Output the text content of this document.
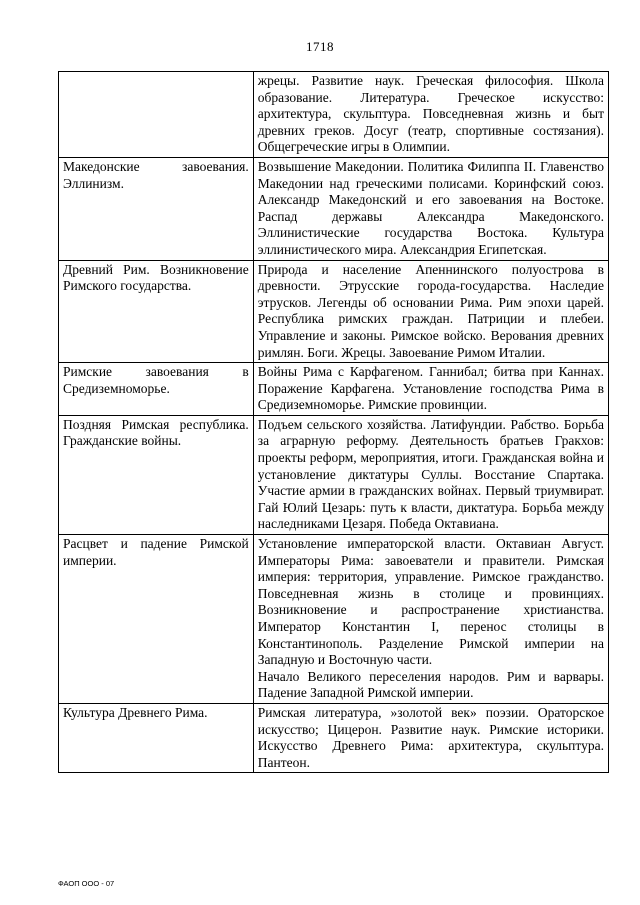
1718

	жрецы. Развитие наук. Греческая философия. Школа образование. Литература. Греческое искусство: архитектура, скульптура. Повседневная жизнь и быт древних греков. Досуг (театр, спортивные состязания). Общегреческие игры в Олимпии.

Македонские завоевания. Эллинизм.	Возвышение Македонии. Политика Филиппа II. Главенство Македонии над греческими полисами. Коринфский союз. Александр Македонский и его завоевания на Востоке. Распад державы Александра Македонского. Эллинистические государства Востока. Культура эллинистического мира. Александрия Египетская.

Древний Рим. Возникновение Римского государства.	Природа и население Апеннинского полуострова в древности. Этрусские города-государства. Наследие этрусков. Легенды об основании Рима. Рим эпохи царей. Республика римских граждан. Патриции и плебеи. Управление и законы. Римское войско. Верования древних римлян. Боги. Жрецы. Завоевание Римом Италии.

Римские завоевания в Средиземноморье.	Войны Рима с Карфагеном. Ганнибал; битва при Каннах. Поражение Карфагена. Установление господства Рима в Средиземноморье. Римские провинции.

Поздняя Римская республика. Гражданские войны.	Подъем сельского хозяйства. Латифундии. Рабство. Борьба за аграрную реформу. Деятельность братьев Гракхов: проекты реформ, мероприятия, итоги. Гражданская война и установление диктатуры Суллы. Восстание Спартака. Участие армии в гражданских войнах. Первый триумвират. Гай Юлий Цезарь: путь к власти, диктатура. Борьба между наследниками Цезаря. Победа Октавиана.

Расцвет и падение Римской империи.	Установление императорской власти. Октавиан Август. Императоры Рима: завоеватели и правители. Римская империя: территория, управление. Римское гражданство. Повседневная жизнь в столице и провинциях. Возникновение и распространение христианства. Император Константин I, перенос столицы в Константинополь. Разделение Римской империи на Западную и Восточную части.
Начало Великого переселения народов. Рим и варвары. Падение Западной Римской империи.

Культура Древнего Рима.	Римская литература, »золотой век» поэзии. Ораторское искусство; Цицерон. Развитие наук. Римские историки. Искусство Древнего Рима: архитектура, скульптура. Пантеон.
ФАОП ООО - 07
